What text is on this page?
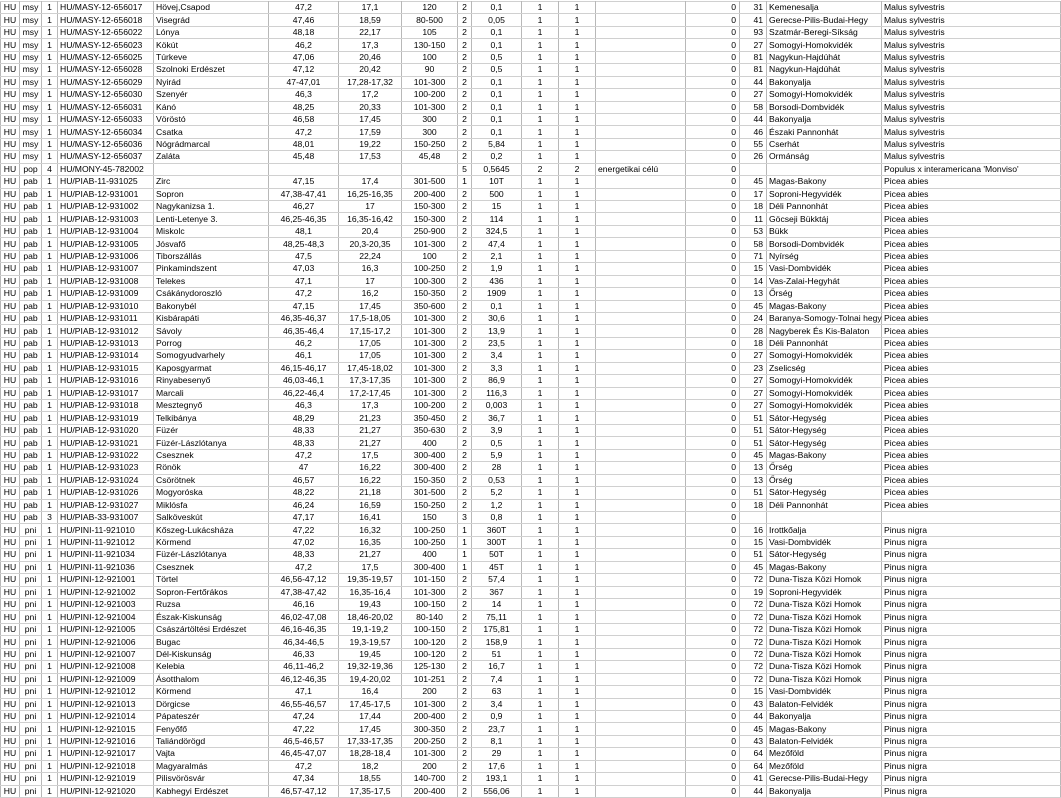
HU	msy	1	HU/MASY-12-656017	Hövej,Csapod	47,2	17,1	120	2	0,1	1	1		0	31	Kemenesalja	Malus sylvestris
HU	msy	1	HU/MASY-12-656018	Visegrád	47,46	18,59	80-500	2	0,05	1	1		0	41	Gerecse-Pilis-Budai-Hegy	Malus sylvestris
HU	msy	1	HU/MASY-12-656022	Lónya	48,18	22,17	105	2	0,1	1	1		0	93	Szatmár-Beregi-Síkság	Malus sylvestris
HU	msy	1	HU/MASY-12-656023	Kökút	46,2	17,3	130-150	2	0,1	1	1		0	27	Somogyi-Homokvidék	Malus sylvestris
HU	msy	1	HU/MASY-12-656025	Túrkeve	47,06	20,46	100	2	0,5	1	1		0	81	Nagykun-Hajdúhát	Malus sylvestris
HU	msy	1	HU/MASY-12-656028	Szolnoki Erdészet	47,12	20,42	90	2	0,5	1	1		0	81	Nagykun-Hajdúhát	Malus sylvestris
HU	msy	1	HU/MASY-12-656029	Nyirád	47-47,01	17,28-17,32	101-300	2	0,1	1	1		0	44	Bakonyalja	Malus sylvestris
HU	msy	1	HU/MASY-12-656030	Szenyér	46,3	17,2	100-200	2	0,1	1	1		0	27	Somogyi-Homokvidék	Malus sylvestris
HU	msy	1	HU/MASY-12-656031	Kánó	48,25	20,33	101-300	2	0,1	1	1		0	58	Borsodi-Dombvidék	Malus sylvestris
HU	msy	1	HU/MASY-12-656033	Vöröstó	46,58	17,45	300	2	0,1	1	1		0	44	Bakonyalja	Malus sylvestris
HU	msy	1	HU/MASY-12-656034	Csatka	47,2	17,59	300	2	0,1	1	1		0	46	Északi Pannonhát	Malus sylvestris
HU	msy	1	HU/MASY-12-656036	Nógrádmarcal	48,01	19,22	150-250	2	5,84	1	1		0	55	Cserhát	Malus sylvestris
HU	msy	1	HU/MASY-12-656037	Zaláta	45,48	17,53	45,48	2	0,2	1	1		0	26	Ormánság	Malus sylvestris
HU	pop	4	HU/MONY-45-782002					5	0,5645	2	2	energetikai célú	0			Populus x interamericana 'Monviso'
HU	pab	1	HU/PIAB-11-931025	Zirc	47,15	17,4	301-500	1	10T	1	1		0	45	Magas-Bakony	Picea abies
HU	pab	1	HU/PIAB-12-931001	Sopron	47,38-47,41	16,25-16,35	200-400	2	500	1	1		0	17	Soproni-Hegyvidék	Picea abies
HU	pab	1	HU/PIAB-12-931002	Nagykanizsa 1.	46,27	17	150-300	2	15	1	1		0	18	Déli Pannonhát	Picea abies
HU	pab	1	HU/PIAB-12-931003	Lenti-Letenye 3.	46,25-46,35	16,35-16,42	150-300	2	114	1	1		0	11	Göcseji Bükktáj	Picea abies
HU	pab	1	HU/PIAB-12-931004	Miskolc	48,1	20,4	250-900	2	324,5	1	1		0	53	Bükk	Picea abies
HU	pab	1	HU/PIAB-12-931005	Jósvafő	48,25-48,3	20,3-20,35	101-300	2	47,4	1	1		0	58	Borsodi-Dombvidék	Picea abies
HU	pab	1	HU/PIAB-12-931006	Tiborszállás	47,5	22,24	100	2	2,1	1	1		0	71	Nyírség	Picea abies
HU	pab	1	HU/PIAB-12-931007	Pinkamindszent	47,03	16,3	100-250	2	1,9	1	1		0	15	Vasi-Dombvidék	Picea abies
HU	pab	1	HU/PIAB-12-931008	Telekes	47,1	17	100-300	2	436	1	1		0	14	Vas-Zalai-Hegyhát	Picea abies
HU	pab	1	HU/PIAB-12-931009	Csákánydoroszló	47,2	16,2	150-350	2	1909	1	1		0	13	Őrség	Picea abies
HU	pab	1	HU/PIAB-12-931010	Bakonybél	47,15	17,45	350-600	2	0,1	1	1		0	45	Magas-Bakony	Picea abies
HU	pab	1	HU/PIAB-12-931011	Kisbárapáti	46,35-46,37	17,5-18,05	101-300	2	30,6	1	1		0	24	Baranya-Somogy-Tolnai hegy	Picea abies
HU	pab	1	HU/PIAB-12-931012	Sávoly	46,35-46,4	17,15-17,2	101-300	2	13,9	1	1		0	28	Nagyberek És Kis-Balaton	Picea abies
HU	pab	1	HU/PIAB-12-931013	Porrog	46,2	17,05	101-300	2	23,5	1	1		0	18	Déli Pannonhát	Picea abies
HU	pab	1	HU/PIAB-12-931014	Somogyudvarhely	46,1	17,05	101-300	2	3,4	1	1		0	27	Somogyi-Homokvidék	Picea abies
HU	pab	1	HU/PIAB-12-931015	Kaposgyarmat	46,15-46,17	17,45-18,02	101-300	2	3,3	1	1		0	23	Zselicség	Picea abies
HU	pab	1	HU/PIAB-12-931016	Rinyabesenyő	46,03-46,1	17,3-17,35	101-300	2	86,9	1	1		0	27	Somogyi-Homokvidék	Picea abies
HU	pab	1	HU/PIAB-12-931017	Marcali	46,22-46,4	17,2-17,45	101-300	2	116,3	1	1		0	27	Somogyi-Homokvidék	Picea abies
HU	pab	1	HU/PIAB-12-931018	Mesztegnyő	46,3	17,3	100-200	2	0,003	1	1		0	27	Somogyi-Homokvidék	Picea abies
HU	pab	1	HU/PIAB-12-931019	Telkibánya	48,29	21,23	350-450	2	36,7	1	1		0	51	Sátor-Hegység	Picea abies
HU	pab	1	HU/PIAB-12-931020	Füzér	48,33	21,27	350-630	2	3,9	1	1		0	51	Sátor-Hegység	Picea abies
HU	pab	1	HU/PIAB-12-931021	Füzér-Lászlótanya	48,33	21,27	400	2	0,5	1	1		0	51	Sátor-Hegység	Picea abies
HU	pab	1	HU/PIAB-12-931022	Csesznek	47,2	17,5	300-400	2	5,9	1	1		0	45	Magas-Bakony	Picea abies
HU	pab	1	HU/PIAB-12-931023	Rönök	47	16,22	300-400	2	28	1	1		0	13	Őrség	Picea abies
HU	pab	1	HU/PIAB-12-931024	Csörötnek	46,57	16,22	150-350	2	0,53	1	1		0	13	Őrség	Picea abies
HU	pab	1	HU/PIAB-12-931026	Mogyoróska	48,22	21,18	301-500	2	5,2	1	1		0	51	Sátor-Hegység	Picea abies
HU	pab	1	HU/PIAB-12-931027	Miklósfa	46,24	16,59	150-250	2	1,2	1	1		0	18	Déli Pannonhát	Picea abies
HU	pab	3	HU/PIAB-33-931007	Salköveskút	47,17	16,41	150	3	0,8	1	1		0			
HU	pni	1	HU/PINI-11-921010	Kőszeg-Lukácsháza	47,22	16,32	100-250	1	360T	1	1		0	16	Irottkőalja	Pinus nigra
HU	pni	1	HU/PINI-11-921012	Körmend	47,02	16,35	100-250	1	300T	1	1		0	15	Vasi-Dombvidék	Pinus nigra
HU	pni	1	HU/PINI-11-921034	Füzér-Lászlótanya	48,33	21,27	400	1	50T	1	1		0	51	Sátor-Hegység	Pinus nigra
HU	pni	1	HU/PINI-11-921036	Csesznek	47,2	17,5	300-400	1	45T	1	1		0	45	Magas-Bakony	Pinus nigra
HU	pni	1	HU/PINI-12-921001	Törtel	46,56-47,12	19,35-19,57	101-150	2	57,4	1	1		0	72	Duna-Tisza Közi Homok	Pinus nigra
HU	pni	1	HU/PINI-12-921002	Sopron-Fertőrákos	47,38-47,42	16,35-16,4	101-300	2	367	1	1		0	19	Soproni-Hegyvidék	Pinus nigra
HU	pni	1	HU/PINI-12-921003	Ruzsa	46,16	19,43	100-150	2	14	1	1		0	72	Duna-Tisza Közi Homok	Pinus nigra
HU	pni	1	HU/PINI-12-921004	Észak-Kiskunság	46,02-47,08	18,46-20,02	80-140	2	75,11	1	1		0	72	Duna-Tisza Közi Homok	Pinus nigra
HU	pni	1	HU/PINI-12-921005	Császártöltési Erdészet	46,16-46,35	19,1-19,2	100-150	2	175,81	1	1		0	72	Duna-Tisza Közi Homok	Pinus nigra
HU	pni	1	HU/PINI-12-921006	Bugac	46,34-46,5	19,3-19,57	100-120	2	158,9	1	1		0	72	Duna-Tisza Közi Homok	Pinus nigra
HU	pni	1	HU/PINI-12-921007	Dél-Kiskunság	46,33	19,45	100-120	2	51	1	1		0	72	Duna-Tisza Közi Homok	Pinus nigra
HU	pni	1	HU/PINI-12-921008	Kelebia	46,11-46,2	19,32-19,36	125-130	2	16,7	1	1		0	72	Duna-Tisza Közi Homok	Pinus nigra
HU	pni	1	HU/PINI-12-921009	Ásotthalom	46,12-46,35	19,4-20,02	101-251	2	7,4	1	1		0	72	Duna-Tisza Közi Homok	Pinus nigra
HU	pni	1	HU/PINI-12-921012	Körmend	47,1	16,4	200	2	63	1	1		0	15	Vasi-Dombvidék	Pinus nigra
HU	pni	1	HU/PINI-12-921013	Dörgicse	46,55-46,57	17,45-17,5	101-300	2	3,4	1	1		0	43	Balaton-Felvidék	Pinus nigra
HU	pni	1	HU/PINI-12-921014	Pápateszér	47,24	17,44	200-400	2	0,9	1	1		0	44	Bakonyalja	Pinus nigra
HU	pni	1	HU/PINI-12-921015	Fenyőfő	47,22	17,45	300-350	2	23,7	1	1		0	45	Magas-Bakony	Pinus nigra
HU	pni	1	HU/PINI-12-921016	Taliándörögd	46,5-46,57	17,33-17,35	200-250	2	8,1	1	1		0	43	Balaton-Felvidék	Pinus nigra
HU	pni	1	HU/PINI-12-921017	Vajta	46,45-47,07	18,28-18,4	101-300	2	29	1	1		0	64	Mezőföld	Pinus nigra
HU	pni	1	HU/PINI-12-921018	Magyaralmás	47,2	18,2	200	2	17,6	1	1		0	64	Mezőföld	Pinus nigra
HU	pni	1	HU/PINI-12-921019	Pilisvörösvár	47,34	18,55	140-700	2	193,1	1	1		0	41	Gerecse-Pilis-Budai-Hegy	Pinus nigra
HU	pni	1	HU/PINI-12-921020	Kabhegyi Erdészet	46,57-47,12	17,35-17,5	200-400	2	556,06	1	1		0	44	Bakonyalja	Pinus nigra
